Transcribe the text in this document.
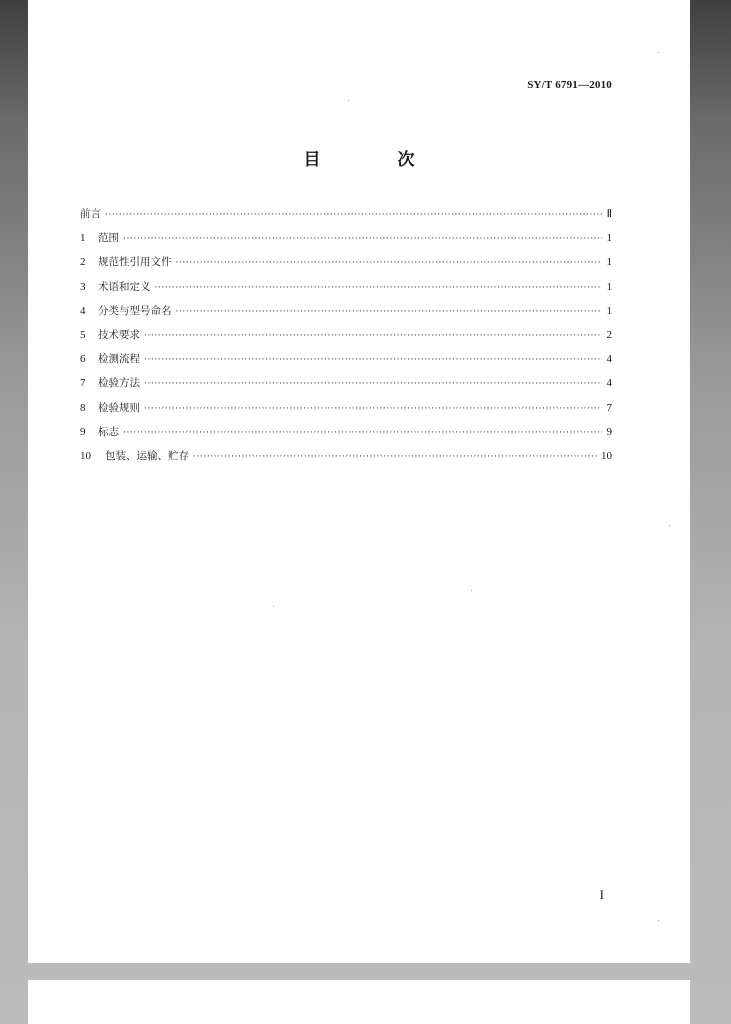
SY/T 6791—2010
目　次
前言 ·····	Ⅱ
1	范围 ·····	1
2	规范性引用文件 ·····	1
3	术语和定义 ·····	1
4	分类与型号命名 ·····	1
5	技术要求 ·····	2
6	检测流程 ·····	4
7	检验方法 ·····	4
8	检验规则 ·····	7
9	标志 ·····	9
10	包装、运输、贮存 ·····	10
I
